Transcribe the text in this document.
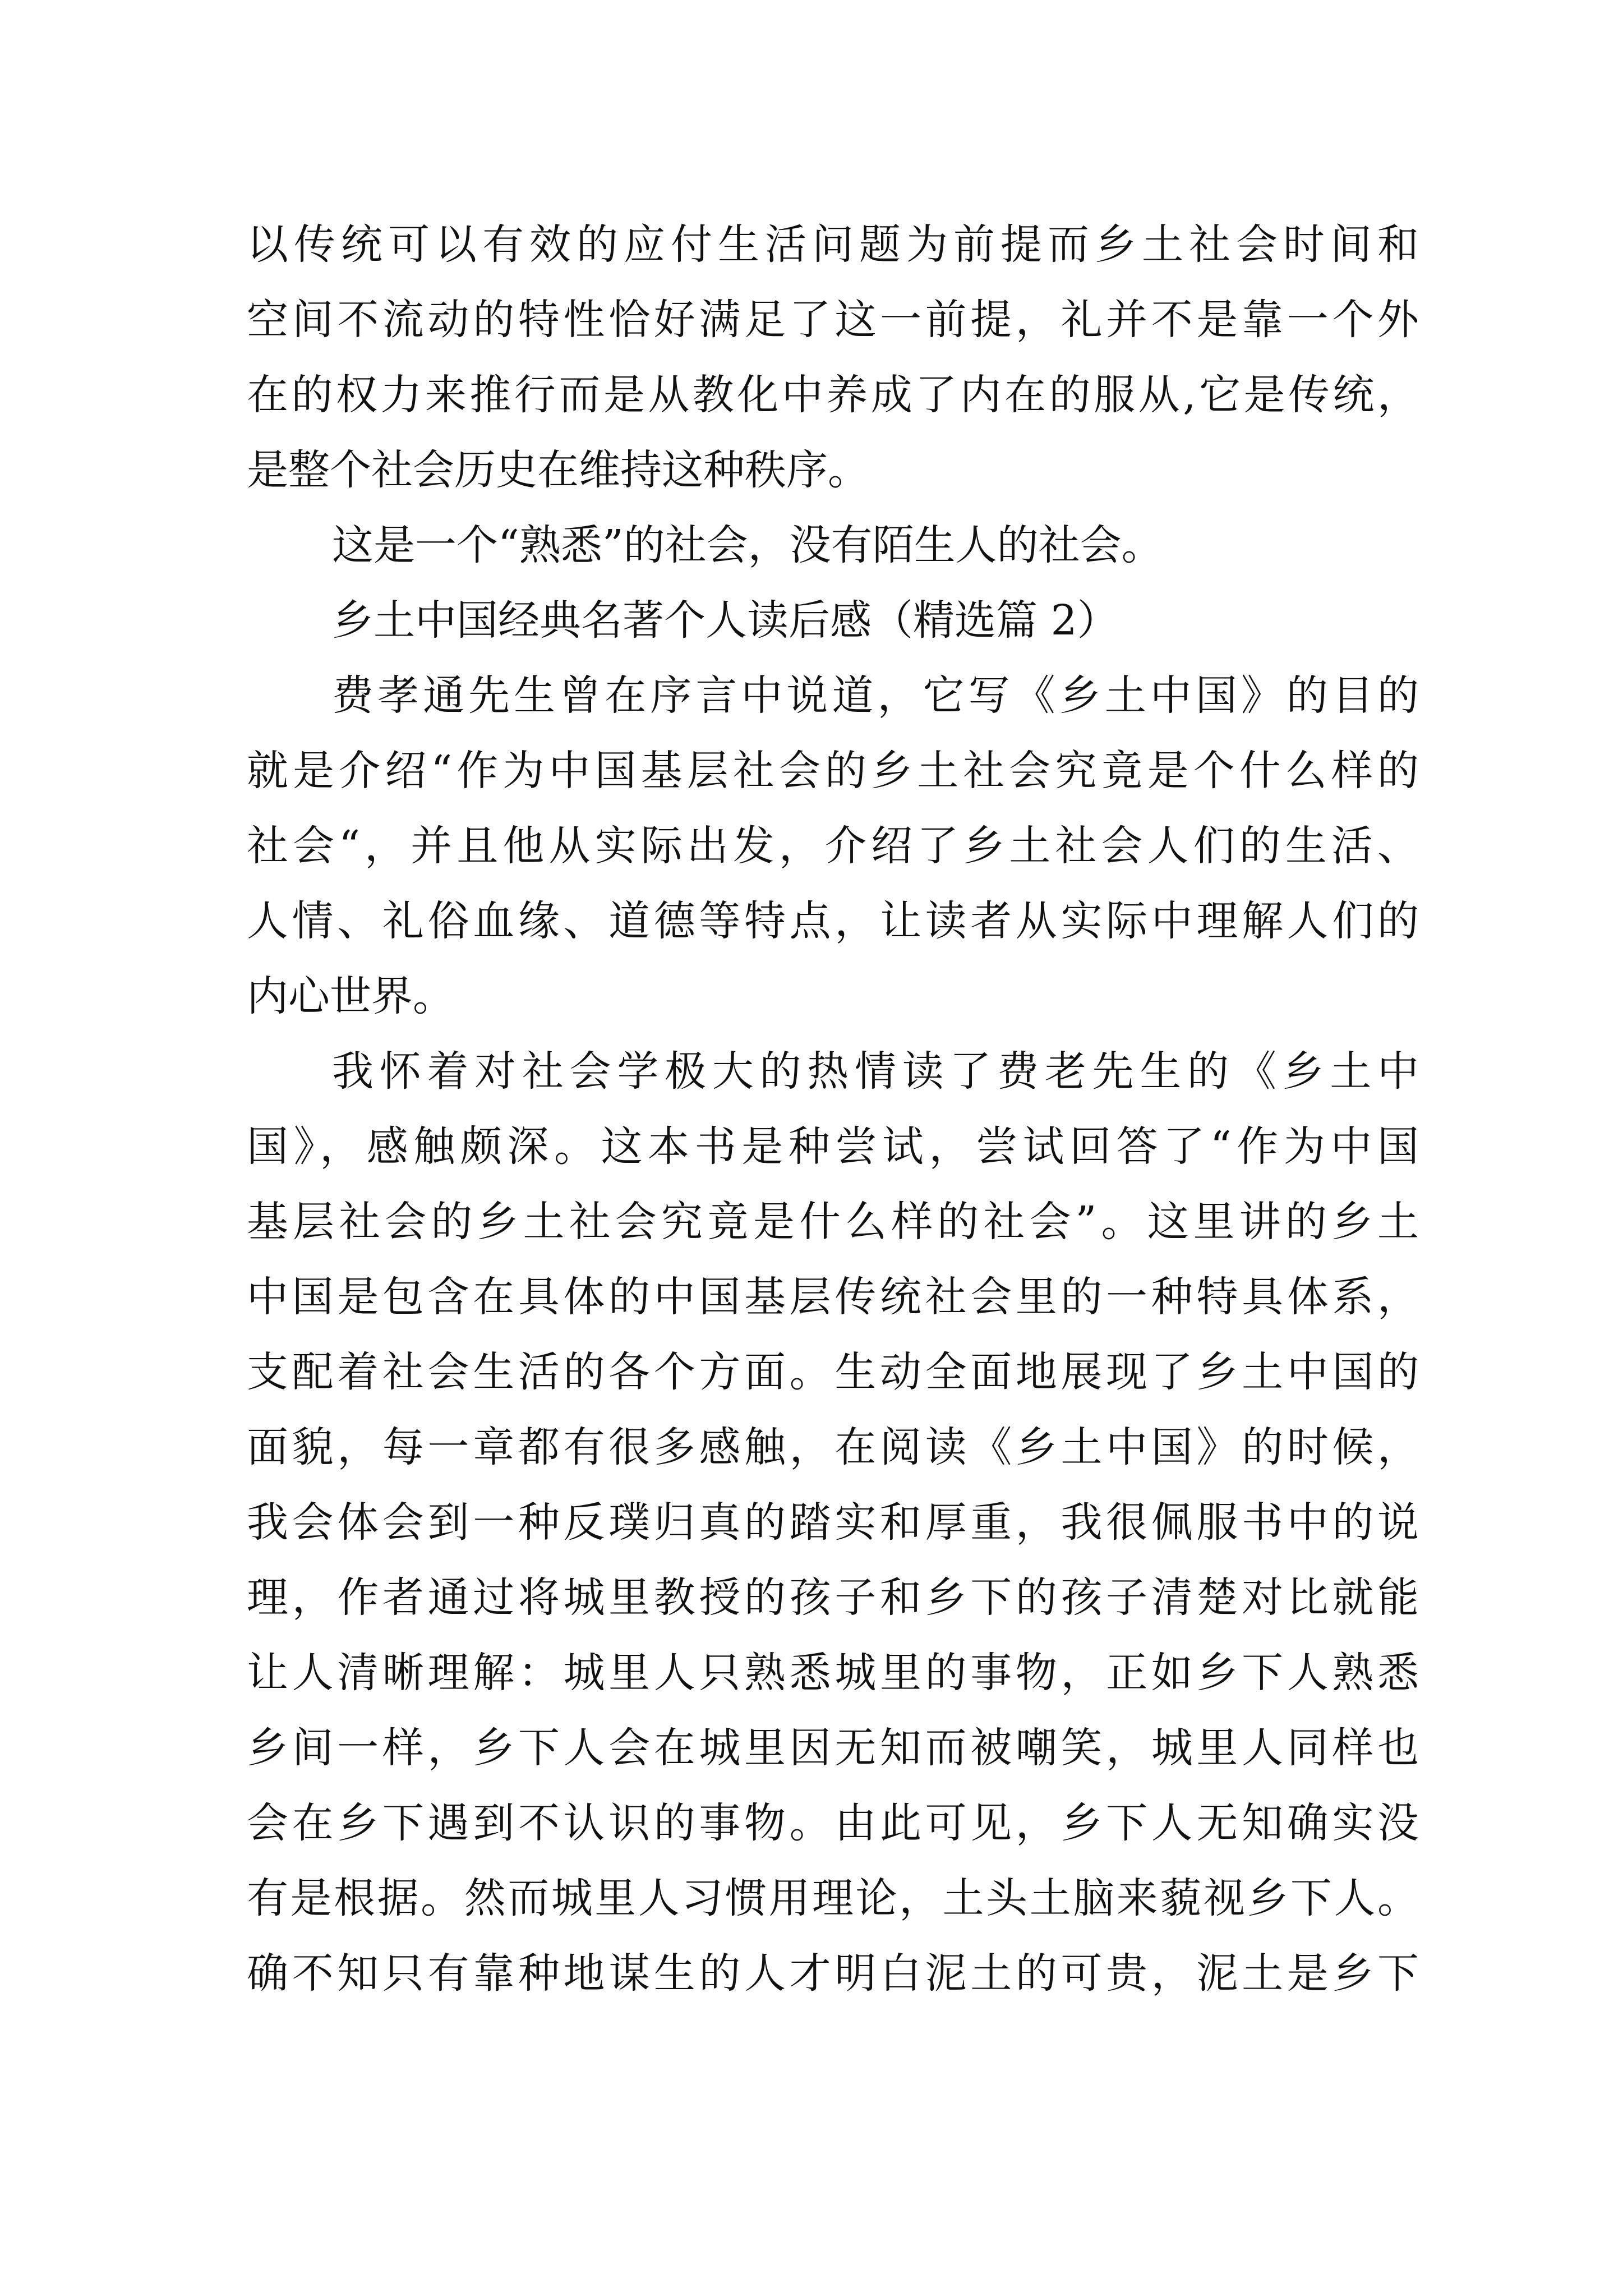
以传统可以有效的应付生活问题为前提而乡土社会时间和
空间不流动的特性恰好满足了这一前提，礼并不是靠一个外
在的权力来推行而是从教化中养成了内在的服从,它是传统，
是整个社会历史在维持这种秩序。
这是一个“熟悉”的社会，没有陌生人的社会。
乡土中国经典名著个人读后感（精选篇 2）
费孝通先生曾在序言中说道，它写《乡土中国》的目的
就是介绍“作为中国基层社会的乡土社会究竟是个什么样的
社会“，并且他从实际出发，介绍了乡土社会人们的生活、
人情、礼俗血缘、道德等特点，让读者从实际中理解人们的
内心世界。
我怀着对社会学极大的热情读了费老先生的《乡土中
国》，感触颇深。这本书是种尝试，尝试回答了“作为中国
基层社会的乡土社会究竟是什么样的社会”。这里讲的乡土
中国是包含在具体的中国基层传统社会里的一种特具体系，
支配着社会生活的各个方面。生动全面地展现了乡土中国的
面貌，每一章都有很多感触，在阅读《乡土中国》的时候，
我会体会到一种反璞归真的踏实和厚重，我很佩服书中的说
理，作者通过将城里教授的孩子和乡下的孩子清楚对比就能
让人清晰理解：城里人只熟悉城里的事物，正如乡下人熟悉
乡间一样，乡下人会在城里因无知而被嘲笑，城里人同样也
会在乡下遇到不认识的事物。由此可见，乡下人无知确实没
有是根据。然而城里人习惯用理论，土头土脑来藐视乡下人。
确不知只有靠种地谋生的人才明白泥土的可贵，泥土是乡下
